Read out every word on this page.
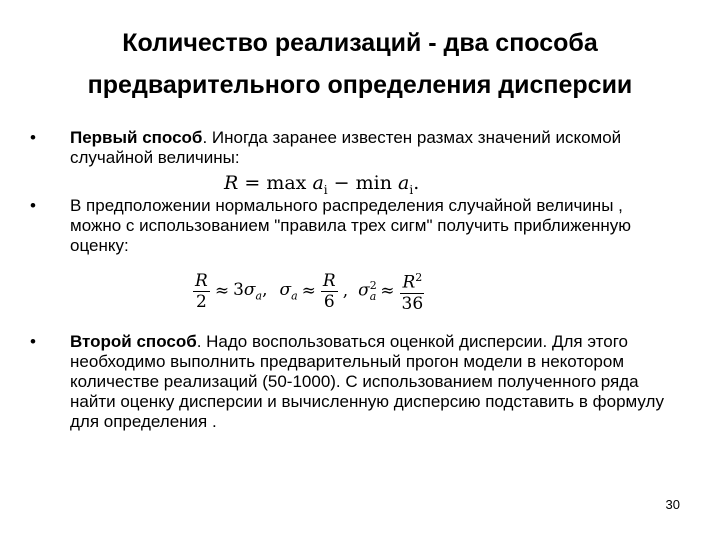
Количество реализаций - два способа
предварительного определения дисперсии
•	Первый способ. Иногда заранее известен размах значений искомой случайной величины:
$R = \max a_i - \min a_i$.
•	В предположении нормального распределения случайной величины , можно с использованием "правила трех сигм" получить приближенную оценку:
$\frac{R}{2} \approx 3\sigma_a$, $\sigma_a \approx \frac{R}{6}$ , $\sigma^2_a \approx \frac{R^2}{36}$
•	Второй способ. Надо воспользоваться оценкой дисперсии. Для этого необходимо выполнить предварительный прогон модели в некотором количестве реализаций (50-1000). С использованием полученного ряда найти оценку дисперсии и вычисленную дисперсию подставить в формулу для определения .
30
